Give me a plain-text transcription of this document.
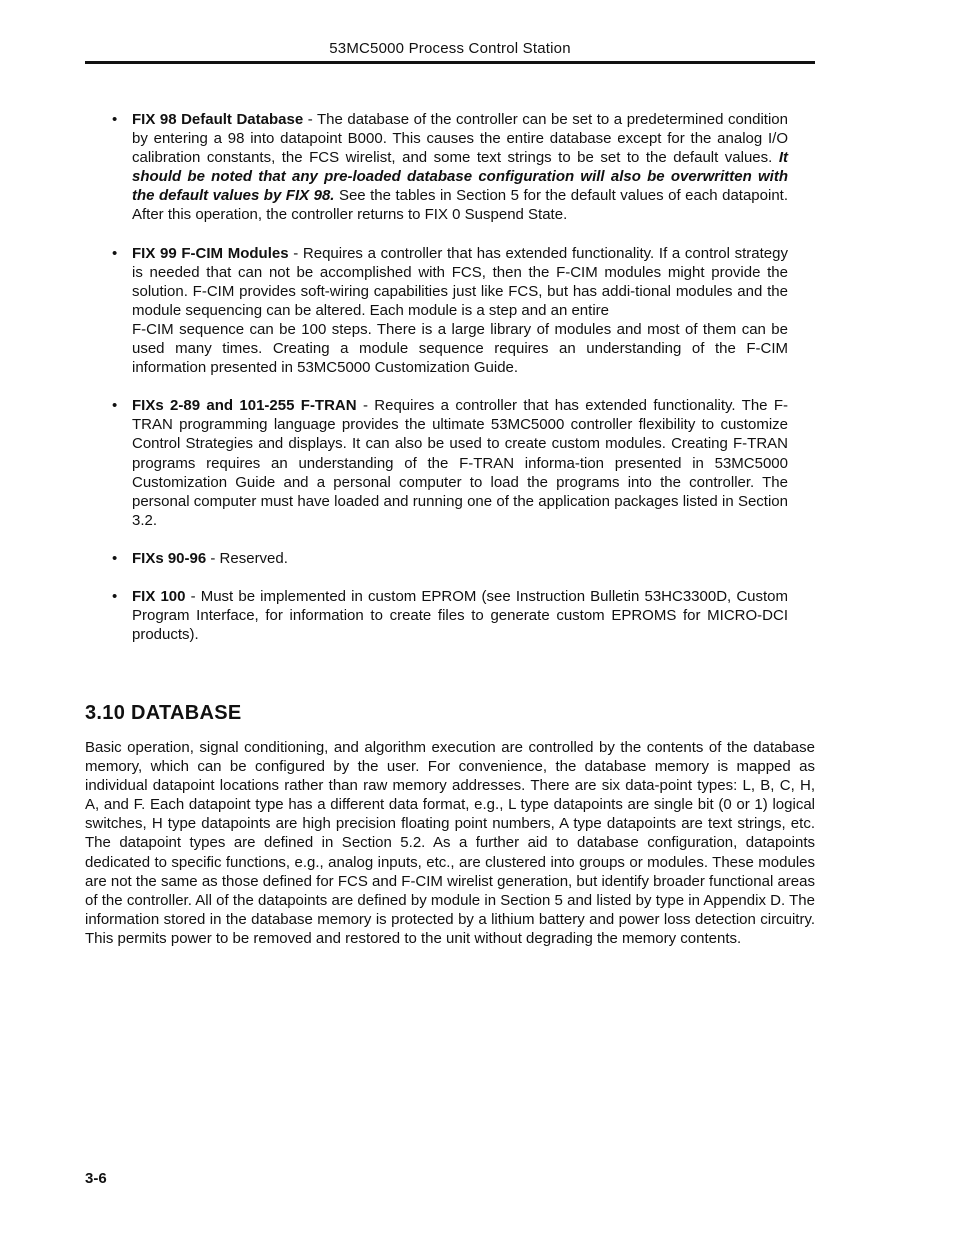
53MC5000 Process Control Station
• FIX 98 Default Database - The database of the controller can be set to a predetermined condition by entering a 98 into datapoint B000. This causes the entire database except for the analog I/O calibration constants, the FCS wirelist, and some text strings to be set to the default values. It should be noted that any pre-loaded database configuration will also be overwritten with the default values by FIX 98. See the tables in Section 5 for the default values of each datapoint. After this operation, the controller returns to FIX 0 Suspend State.
• FIX 99 F-CIM Modules - Requires a controller that has extended functionality. If a control strategy is needed that can not be accomplished with FCS, then the F-CIM modules might provide the solution. F-CIM provides soft-wiring capabilities just like FCS, but has addi-tional modules and the module sequencing can be altered. Each module is a step and an entire
F-CIM sequence can be 100 steps. There is a large library of modules and most of them can be used many times. Creating a module sequence requires an understanding of the F-CIM information presented in 53MC5000 Customization Guide.
• FIXs 2-89 and 101-255 F-TRAN - Requires a controller that has extended functionality. The F-TRAN programming language provides the ultimate 53MC5000 controller flexibility to customize Control Strategies and displays. It can also be used to create custom modules. Creating F-TRAN programs requires an understanding of the F-TRAN informa-tion presented in 53MC5000 Customization Guide and a personal computer to load the programs into the controller. The personal computer must have loaded and running one of the application packages listed in Section 3.2.
• FIXs 90-96 - Reserved.
• FIX 100 - Must be implemented in custom EPROM (see Instruction Bulletin 53HC3300D, Custom Program Interface, for information to create files to generate custom EPROMS for MICRO-DCI products).
3.10 DATABASE

Basic operation, signal conditioning, and algorithm execution are controlled by the contents of the database memory, which can be configured by the user. For convenience, the database memory is mapped as individual datapoint locations rather than raw memory addresses. There are six data-point types: L, B, C, H, A, and F. Each datapoint type has a different data format, e.g., L type datapoints are single bit (0 or 1) logical switches, H type datapoints are high precision floating point numbers, A type datapoints are text strings, etc. The datapoint types are defined in Section 5.2. As a further aid to database configuration, datapoints dedicated to specific functions, e.g., analog inputs, etc., are clustered into groups or modules. These modules are not the same as those defined for FCS and F-CIM wirelist generation, but identify broader functional areas of the controller. All of the datapoints are defined by module in Section 5 and listed by type in Appendix D. The information stored in the database memory is protected by a lithium battery and power loss detection circuitry. This permits power to be removed and restored to the unit without degrading the memory contents.

3-6
